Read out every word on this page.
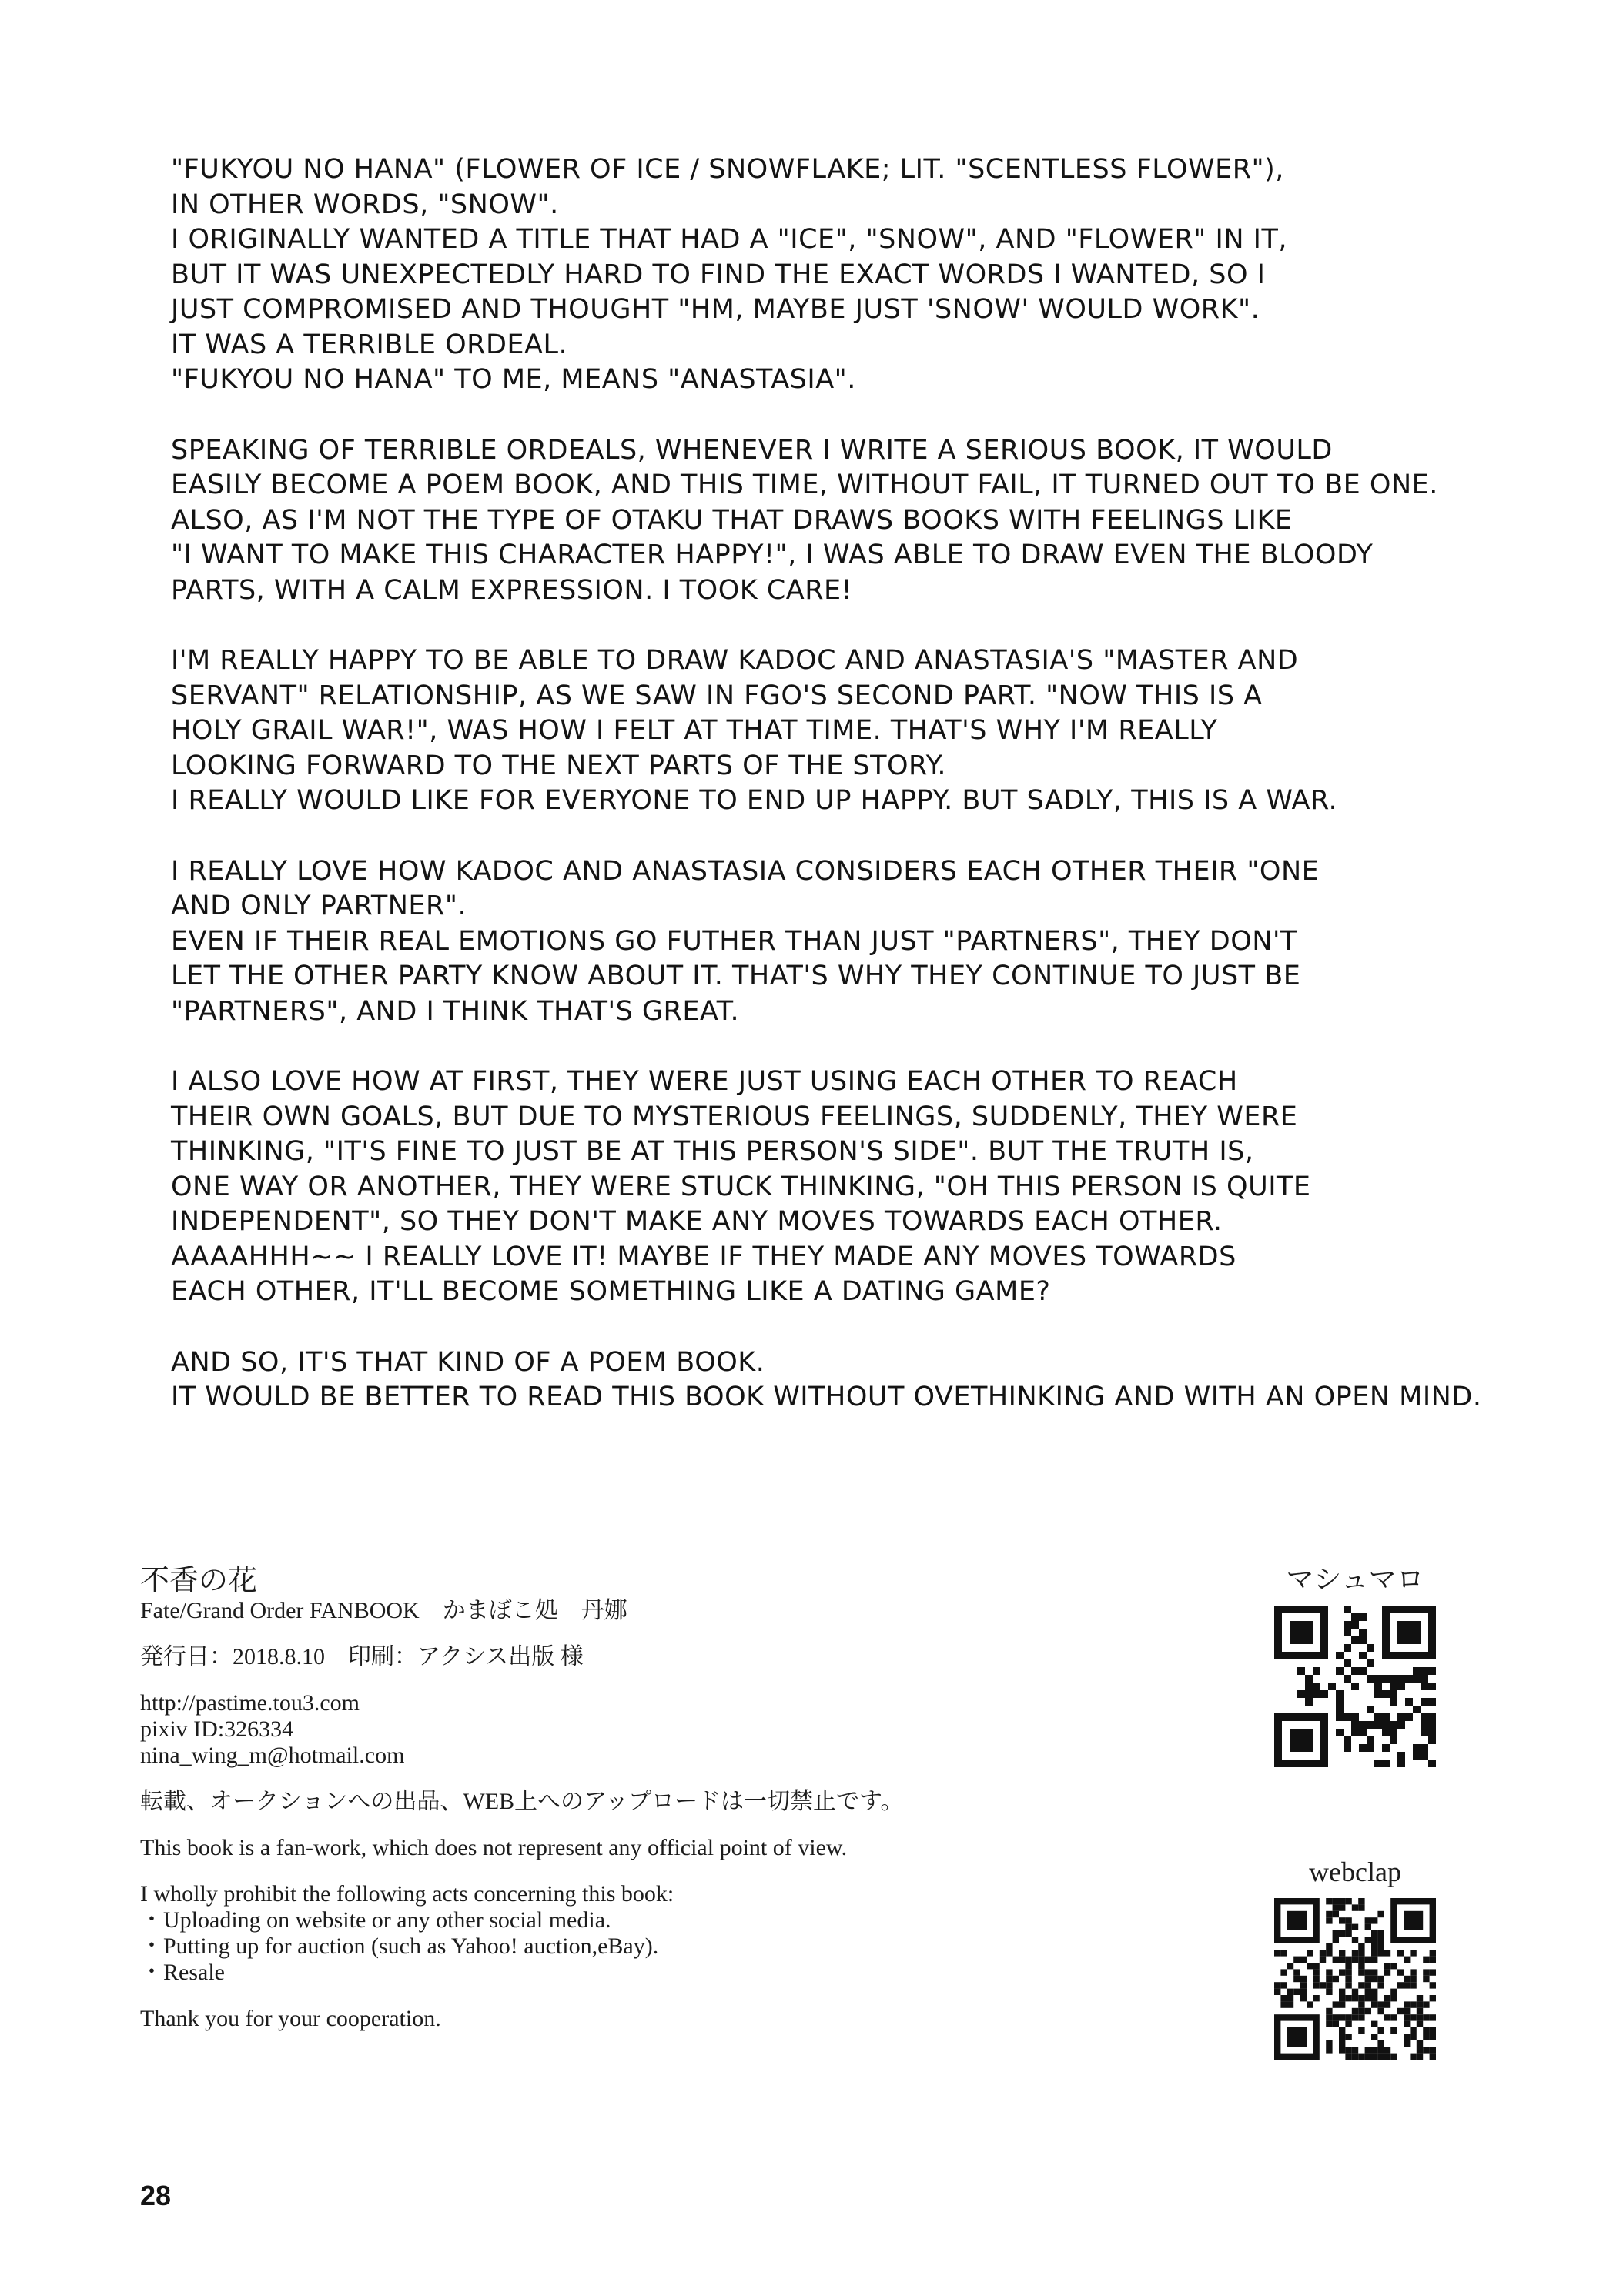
"FUKYOU NO HANA" (FLOWER OF ICE / SNOWFLAKE; LIT. "SCENTLESS FLOWER"),
IN OTHER WORDS, "SNOW".
I ORIGINALLY WANTED A TITLE THAT HAD A "ICE", "SNOW", AND "FLOWER" IN IT,
BUT IT WAS UNEXPECTEDLY HARD TO FIND THE EXACT WORDS I WANTED, SO I
JUST COMPROMISED AND THOUGHT "HM, MAYBE JUST 'SNOW' WOULD WORK".
IT WAS A TERRIBLE ORDEAL.
"FUKYOU NO HANA" TO ME, MEANS "ANASTASIA".

SPEAKING OF TERRIBLE ORDEALS, WHENEVER I WRITE A SERIOUS BOOK, IT WOULD
EASILY BECOME A POEM BOOK, AND THIS TIME, WITHOUT FAIL, IT TURNED OUT TO BE ONE.
ALSO, AS I'M NOT THE TYPE OF OTAKU THAT DRAWS BOOKS WITH FEELINGS LIKE
"I WANT TO MAKE THIS CHARACTER HAPPY!", I WAS ABLE TO DRAW EVEN THE BLOODY
PARTS, WITH A CALM EXPRESSION. I TOOK CARE!

I'M REALLY HAPPY TO BE ABLE TO DRAW KADOC AND ANASTASIA'S "MASTER AND
SERVANT" RELATIONSHIP, AS WE SAW IN FGO'S SECOND PART. "NOW THIS IS A
HOLY GRAIL WAR!", WAS HOW I FELT AT THAT TIME. THAT'S WHY I'M REALLY
LOOKING FORWARD TO THE NEXT PARTS OF THE STORY.
I REALLY WOULD LIKE FOR EVERYONE TO END UP HAPPY. BUT SADLY, THIS IS A WAR.

I REALLY LOVE HOW KADOC AND ANASTASIA CONSIDERS EACH OTHER THEIR "ONE
AND ONLY PARTNER".
EVEN IF THEIR REAL EMOTIONS GO FUTHER THAN JUST "PARTNERS", THEY DON'T
LET THE OTHER PARTY KNOW ABOUT IT. THAT'S WHY THEY CONTINUE TO JUST BE
"PARTNERS", AND I THINK THAT'S GREAT.

I ALSO LOVE HOW AT FIRST, THEY WERE JUST USING EACH OTHER TO REACH
THEIR OWN GOALS, BUT DUE TO MYSTERIOUS FEELINGS, SUDDENLY, THEY WERE
THINKING, "IT'S FINE TO JUST BE AT THIS PERSON'S SIDE". BUT THE TRUTH IS,
ONE WAY OR ANOTHER, THEY WERE STUCK THINKING, "OH THIS PERSON IS QUITE
INDEPENDENT", SO THEY DON'T MAKE ANY MOVES TOWARDS EACH OTHER.
AAAAHHH~~ I REALLY LOVE IT! MAYBE IF THEY MADE ANY MOVES TOWARDS
EACH OTHER, IT'LL BECOME SOMETHING LIKE A DATING GAME?

AND SO, IT'S THAT KIND OF A POEM BOOK.
IT WOULD BE BETTER TO READ THIS BOOK WITHOUT OVETHINKING AND WITH AN OPEN MIND.

不香の花
Fate/Grand Order FANBOOK　かまぼこ処　丹娜
発行日：2018.8.10　印刷：アクシス出版 様
http://pastime.tou3.com
pixiv ID:326334
nina_wing_m@hotmail.com
転載、オークションへの出品、WEB上へのアップロードは一切禁止です。
This book is a fan-work, which does not represent any official point of view.
I wholly prohibit the following acts concerning this book:
・Uploading on website or any other social media.
・Putting up for auction (such as Yahoo! auction,eBay).
・Resale
Thank you for your cooperation.
マシュマロ
webclap
28
